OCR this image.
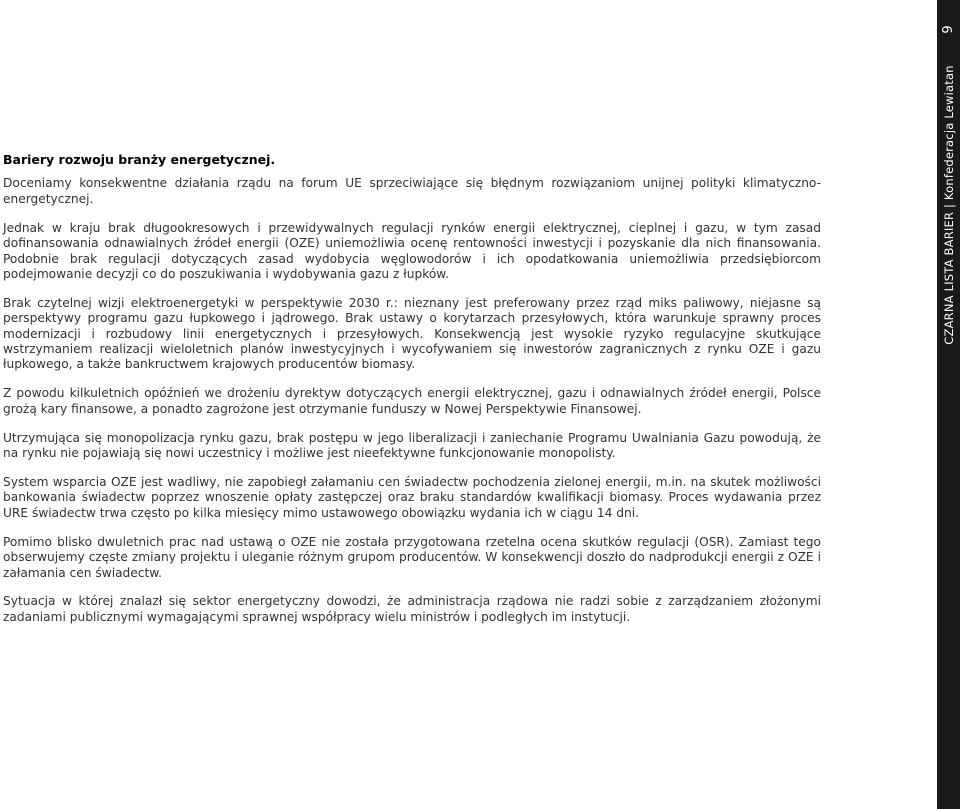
Bariery rozwoju branży energetycznej.

Doceniamy konsekwentne działania rządu na forum UE sprzeciwiające się błędnym rozwiązaniom unijnej polityki klimatyczno-energetycznej.

Jednak w kraju brak długookresowych i przewidywalnych regulacji rynków energii elektrycznej, cieplnej i gazu, w tym zasad dofinansowania odnawialnych źródeł energii (OZE) uniemożliwia ocenę rentowności inwestycji i pozyskanie dla nich finansowania. Podobnie brak regulacji dotyczących zasad wydobycia węglowodorów i ich opodatkowania uniemożliwia przedsiębiorcom podejmowanie decyzji co do poszukiwania i wydobywania gazu z łupków.

Brak czytelnej wizji elektroenergetyki w perspektywie 2030 r.: nieznany jest preferowany przez rząd miks paliwowy, niejasne są perspektywy programu gazu łupkowego i jądrowego. Brak ustawy o korytarzach przesyłowych, która warunkuje sprawny proces modernizacji i rozbudowy linii energetycznych i przesyłowych. Konsekwencją jest wysokie ryzyko regulacyjne skutkujące wstrzymaniem realizacji wieloletnich planów inwestycyjnych i wycofywaniem się inwestorów zagranicznych z rynku OZE i gazu łupkowego, a także bankructwem krajowych producentów biomasy.

Z powodu kilkuletnich opóźnień we drożeniu dyrektyw dotyczących energii elektrycznej, gazu i odnawialnych źródeł energii, Polsce grożą kary finansowe, a ponadto zagrożone jest otrzymanie funduszy w Nowej Perspektywie Finansowej.

Utrzymująca się monopolizacja rynku gazu, brak postępu w jego liberalizacji i zaniechanie Programu Uwalniania Gazu powodują, że na rynku nie pojawiają się nowi uczestnicy i możliwe jest nieefektywne funkcjonowanie monopolisty.

System wsparcia OZE jest wadliwy, nie zapobiegł załamaniu cen świadectw pochodzenia zielonej energii, m.in. na skutek możliwości bankowania świadectw poprzez wnoszenie opłaty zastępczej oraz braku standardów kwalifikacji biomasy. Proces wydawania przez URE świadectw trwa często po kilka miesięcy mimo ustawowego obowiązku wydania ich w ciągu 14 dni.

Pomimo blisko dwuletnich prac nad ustawą o OZE nie została przygotowana rzetelna ocena skutków regulacji (OSR). Zamiast tego obserwujemy częste zmiany projektu i uleganie różnym grupom producentów. W konsekwencji doszło do nadprodukcji energii z OZE i załamania cen świadectw.

Sytuacja w której znalazł się sektor energetyczny dowodzi, że administracja rządowa nie radzi sobie z zarządzaniem złożonymi zadaniami publicznymi wymagającymi sprawnej współpracy wielu ministrów i podległych im instytucji.

9
CZARNA LISTA BARIER | Konfederacja Lewiatan
